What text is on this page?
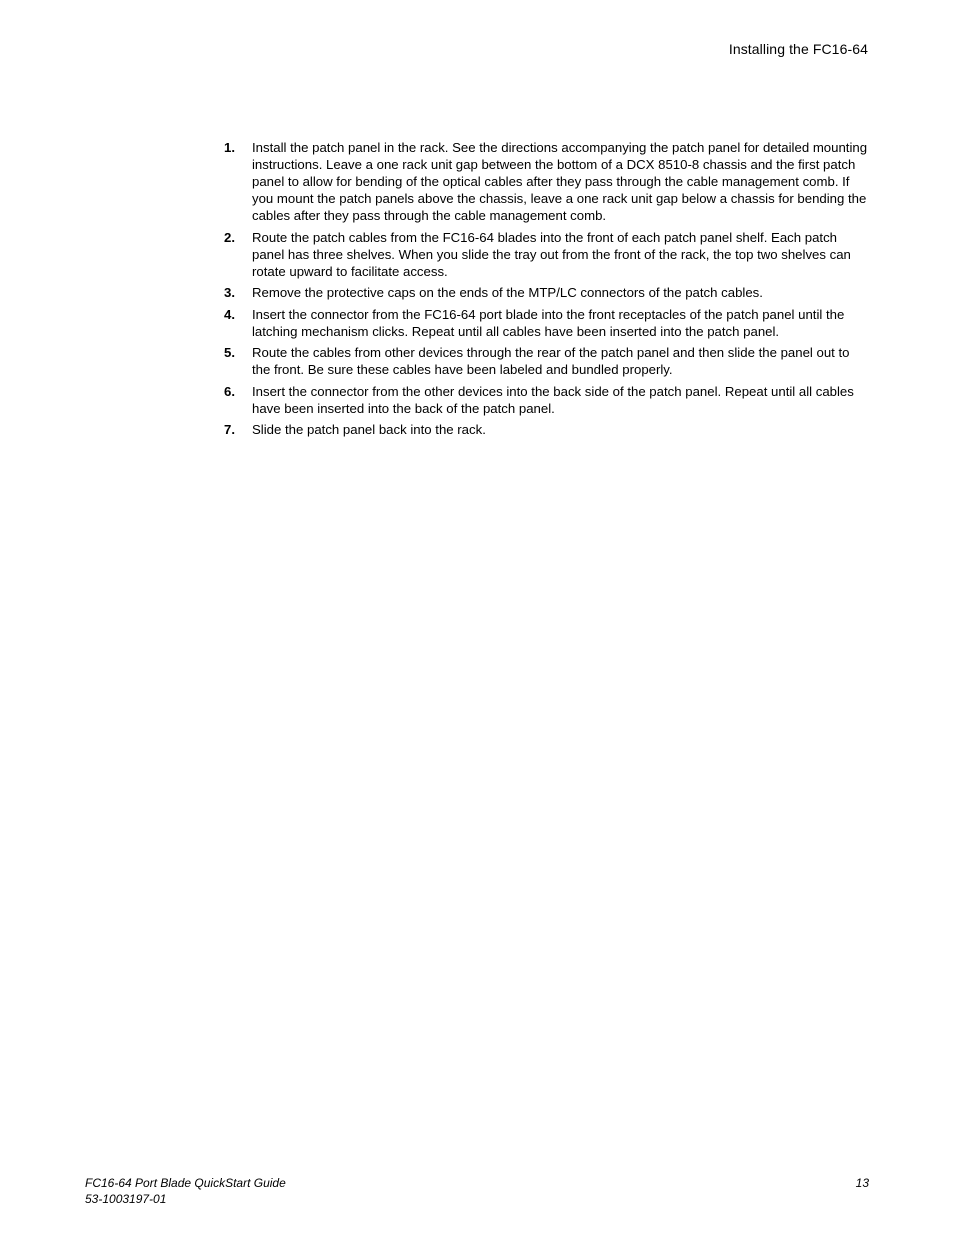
Installing the FC16-64
1. Install the patch panel in the rack. See the directions accompanying the patch panel for detailed mounting instructions. Leave a one rack unit gap between the bottom of a DCX 8510-8 chassis and the first patch panel to allow for bending of the optical cables after they pass through the cable management comb. If you mount the patch panels above the chassis, leave a one rack unit gap below a chassis for bending the cables after they pass through the cable management comb.
2. Route the patch cables from the FC16-64 blades into the front of each patch panel shelf. Each patch panel has three shelves. When you slide the tray out from the front of the rack, the top two shelves can rotate upward to facilitate access.
3. Remove the protective caps on the ends of the MTP/LC connectors of the patch cables.
4. Insert the connector from the FC16-64 port blade into the front receptacles of the patch panel until the latching mechanism clicks. Repeat until all cables have been inserted into the patch panel.
5. Route the cables from other devices through the rear of the patch panel and then slide the panel out to the front. Be sure these cables have been labeled and bundled properly.
6. Insert the connector from the other devices into the back side of the patch panel. Repeat until all cables have been inserted into the back of the patch panel.
7. Slide the patch panel back into the rack.
FC16-64 Port Blade QuickStart Guide
53-1003197-01
13
